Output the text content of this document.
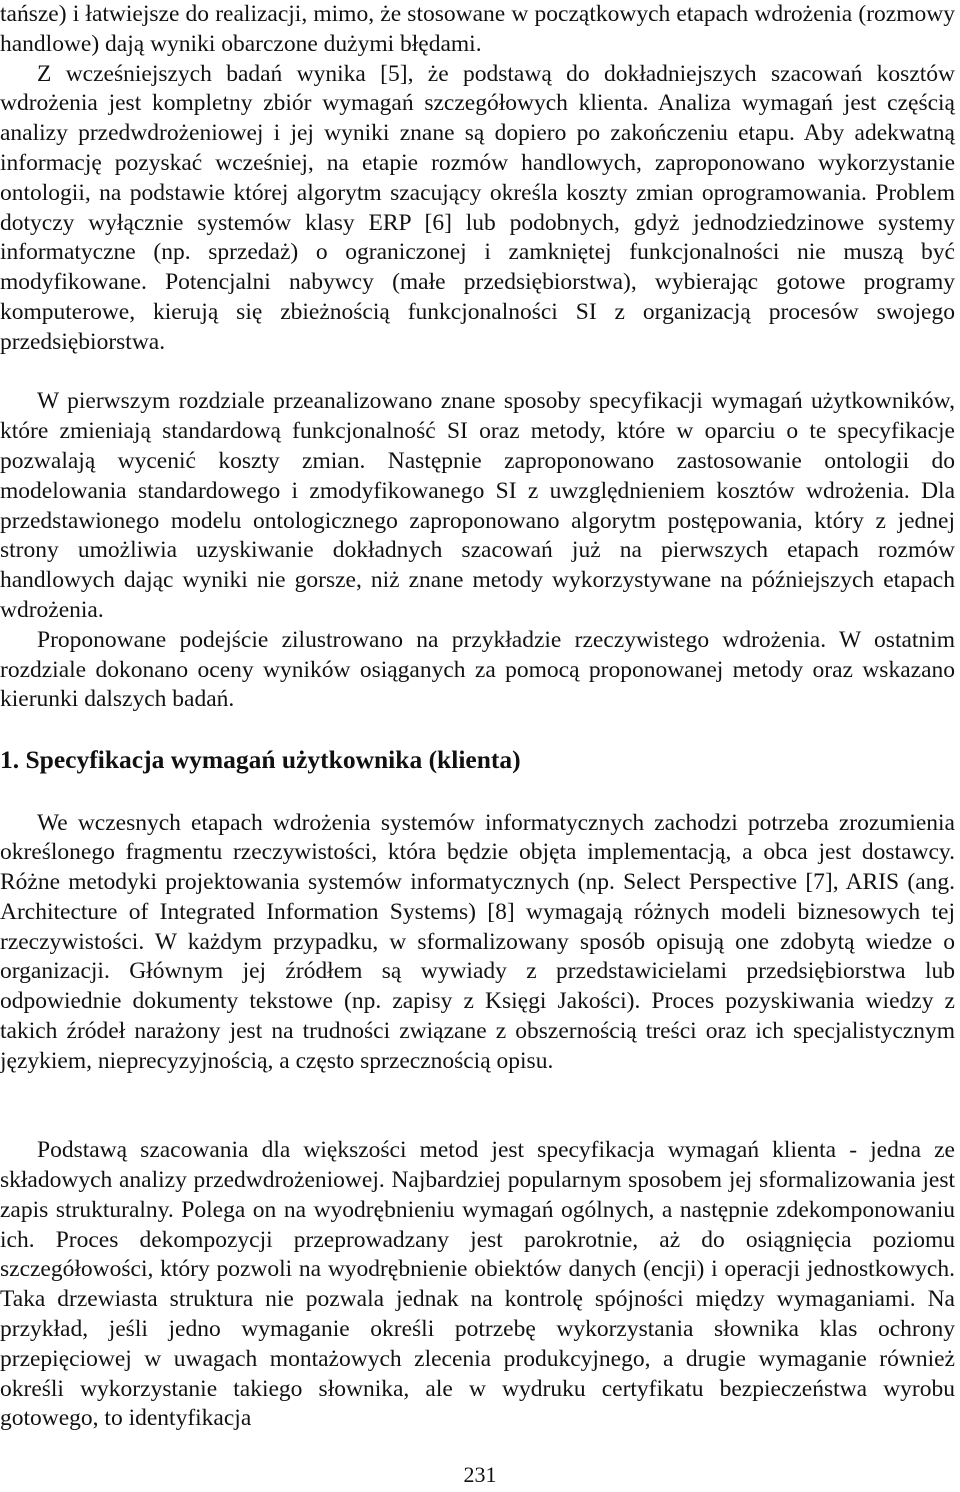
tańsze) i łatwiejsze do realizacji, mimo, że stosowane w początkowych etapach wdrożenia (rozmowy handlowe) dają wyniki obarczone dużymi błędami.

Z wcześniejszych badań wynika [5], że podstawą do dokładniejszych szacowań kosztów wdrożenia jest kompletny zbiór wymagań szczegółowych klienta. Analiza wymagań jest częścią analizy przedwdrożeniowej i jej wyniki znane są dopiero po zakończeniu etapu. Aby adekwatną informację pozyskać wcześniej, na etapie rozmów handlowych, zaproponowano wykorzystanie ontologii, na podstawie której algorytm szacujący określa koszty zmian oprogramowania. Problem dotyczy wyłącznie systemów klasy ERP [6] lub podobnych, gdyż jednodziedzinowe systemy informatyczne (np. sprzedaż) o ograniczonej i zamkniętej funkcjonalności nie muszą być modyfikowane. Potencjalni nabywcy (małe przedsiębiorstwa), wybierając gotowe programy komputerowe, kierują się zbieżnością funkcjonalności SI z organizacją procesów swojego przedsiębiorstwa.

W pierwszym rozdziale przeanalizowano znane sposoby specyfikacji wymagań użytkowników, które zmieniają standardową funkcjonalność SI oraz metody, które w oparciu o te specyfikacje pozwalają wycenić koszty zmian. Następnie zaproponowano zastosowanie ontologii do modelowania standardowego i zmodyfikowanego SI z uwzględnieniem kosztów wdrożenia. Dla przedstawionego modelu ontologicznego zaproponowano algorytm postępowania, który z jednej strony umożliwia uzyskiwanie dokładnych szacowań już na pierwszych etapach rozmów handlowych dając wyniki nie gorsze, niż znane metody wykorzystywane na późniejszych etapach wdrożenia.

Proponowane podejście zilustrowano na przykładzie rzeczywistego wdrożenia. W ostatnim rozdziale dokonano oceny wyników osiąganych za pomocą proponowanej metody oraz wskazano kierunki dalszych badań.

1. Specyfikacja wymagań użytkownika (klienta)

We wczesnych etapach wdrożenia systemów informatycznych zachodzi potrzeba zrozumienia określonego fragmentu rzeczywistości, która będzie objęta implementacją, a obca jest dostawcy. Różne metodyki projektowania systemów informatycznych (np. Select Perspective [7], ARIS (ang. Architecture of Integrated Information Systems) [8] wymagają różnych modeli biznesowych tej rzeczywistości. W każdym przypadku, w sformalizowany sposób opisują one zdobytą wiedze o organizacji. Głównym jej źródłem są wywiady z przedstawicielami przedsiębiorstwa lub odpowiednie dokumenty tekstowe (np. zapisy z Księgi Jakości). Proces pozyskiwania wiedzy z takich źródeł narażony jest na trudności związane z obszernością treści oraz ich specjalistycznym językiem, nieprecyzyjnością, a często sprzecznością opisu.

Podstawą szacowania dla większości metod jest specyfikacja wymagań klienta - jedna ze składowych analizy przedwdrożeniowej. Najbardziej popularnym sposobem jej sformalizowania jest zapis strukturalny. Polega on na wyodrębnieniu wymagań ogólnych, a następnie zdekomponowaniu ich. Proces dekompozycji przeprowadzany jest parokrotnie, aż do osiągnięcia poziomu szczegółowości, który pozwoli na wyodrębnienie obiektów danych (encji) i operacji jednostkowych. Taka drzewiasta struktura nie pozwala jednak na kontrolę spójności między wymaganiami. Na przykład, jeśli jedno wymaganie określi potrzebę wykorzystania słownika klas ochrony przepięciowej w uwagach montażowych zlecenia produkcyjnego, a drugie wymaganie również określi wykorzystanie takiego słownika, ale w wydruku certyfikatu bezpieczeństwa wyrobu gotowego, to identyfikacja

231
